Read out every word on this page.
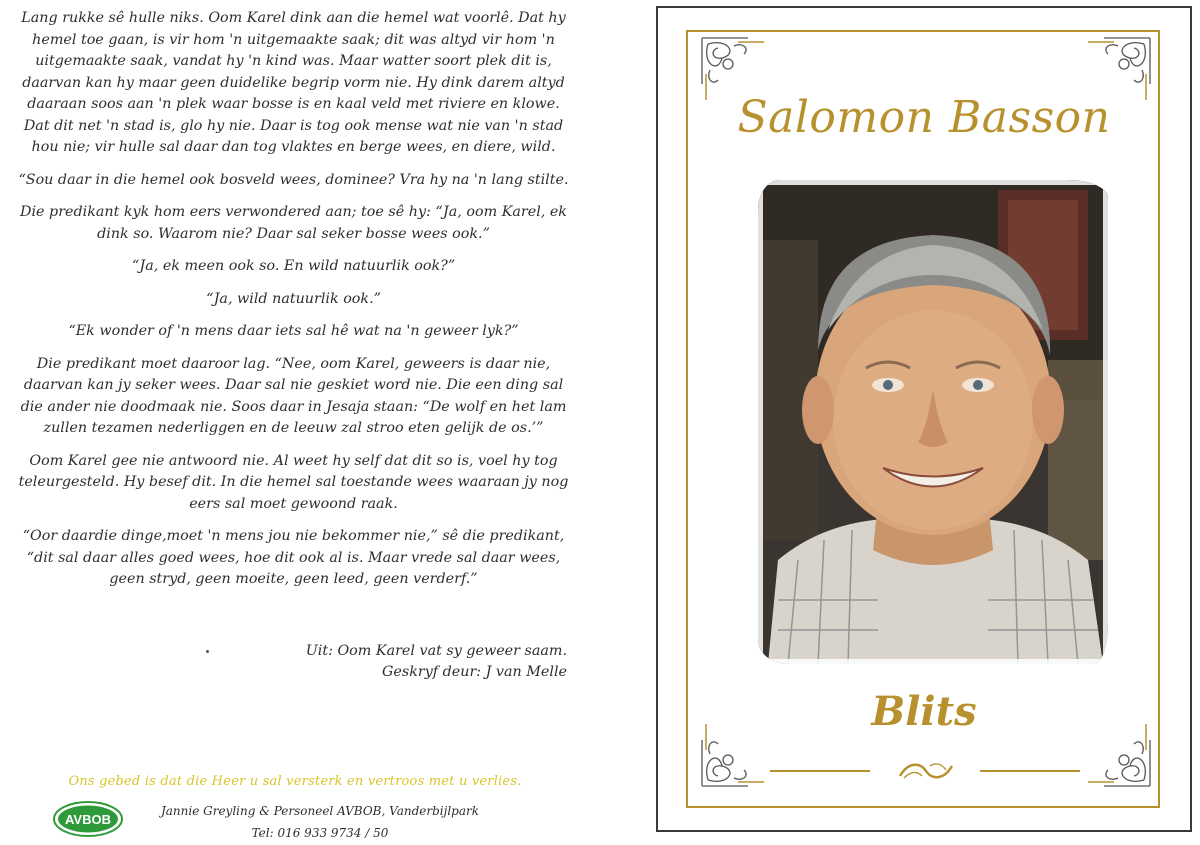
Lang rukke sê hulle niks. Oom Karel dink aan die hemel wat voorlê. Dat hy hemel toe gaan, is vir hom 'n uitgemaakte saak; dit was altyd vir hom 'n uitgemaakte saak, vandat hy 'n kind was. Maar watter soort plek dit is, daarvan kan hy maar geen duidelike begrip vorm nie. Hy dink darem altyd daaraan soos aan 'n plek waar bosse is en kaal veld met riviere en klowe. Dat dit net 'n stad is, glo hy nie. Daar is tog ook mense wat nie van 'n stad hou nie; vir hulle sal daar dan tog vlaktes en berge wees, en diere, wild.

“Sou daar in die hemel ook bosveld wees, dominee? Vra hy na 'n lang stilte.

Die predikant kyk hom eers verwondered aan; toe sê hy: “Ja, oom Karel, ek dink so. Waarom nie? Daar sal seker bosse wees ook.”

“Ja, ek meen ook so. En wild natuurlik ook?”

“Ja, wild natuurlik ook.”

“Ek wonder of 'n mens daar iets sal hê wat na 'n geweer lyk?”

Die predikant moet daaroor lag. “Nee, oom Karel, geweers is daar nie, daarvan kan jy seker wees. Daar sal nie geskiet word nie. Die een ding sal die ander nie doodmaak nie. Soos daar in Jesaja staan: “De wolf en het lam zullen tezamen nederliggen en de leeuw zal stroo eten gelijk de os.’”

Oom Karel gee nie antwoord nie. Al weet hy self dat dit so is, voel hy tog teleurgesteld. Hy besef dit. In die hemel sal toestande wees waaraan jy nog eers sal moet gewoond raak.

“Oor daardie dinge,moet 'n mens jou nie bekommer nie,” sê die predikant, “dit sal daar alles goed wees, hoe dit ook al is. Maar vrede sal daar wees, geen stryd, geen moeite, geen leed, geen verderf.”

Uit: Oom Karel vat sy geweer saam.
Geskryf deur: J van Melle
Ons gebed is dat die Heer u sal versterk en vertroos met u verlies.
AVBOB
Jannie Greyling & Personeel AVBOB, Vanderbijlpark
Tel: 016 933 9734 / 50
Salomon Basson
Blits
